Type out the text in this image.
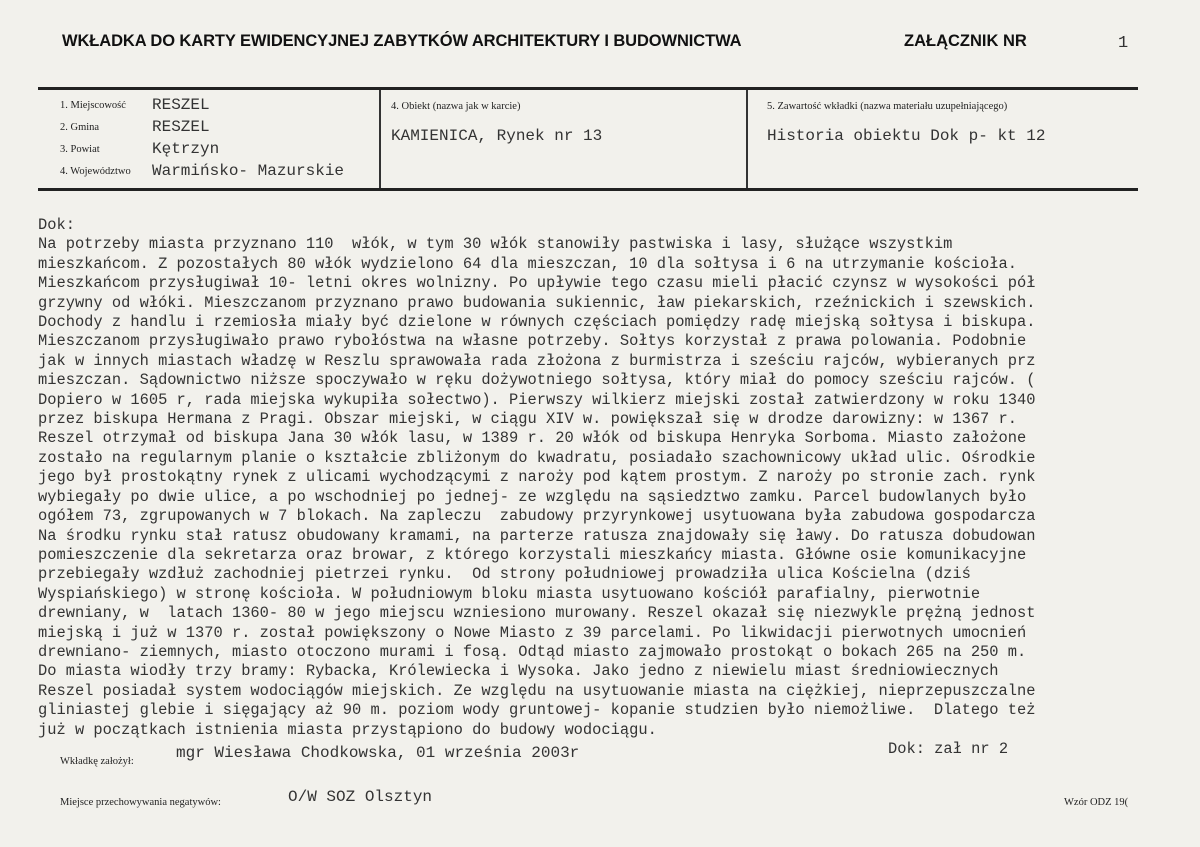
WKŁADKA DO KARTY EWIDENCYJNEJ ZABYTKÓW ARCHITEKTURY I BUDOWNICTWA	ZAŁĄCZNIK NR	1
1. Miejscowość RESZEL
2. Gmina	RESZEL
3. Powiat	Kętrzyn
4. Województwo Warmińsko- Mazurskie
4. Obiekt (nazwa jak w karcie)
KAMIENICA, Rynek nr 13
5. Zawartość wkładki (nazwa materiału uzupełniającego)
Historia obiektu Dok p- kt 12
Dok:
Na potrzeby miasta przyznano 110  włók, w tym 30 włók stanowiły pastwiska i lasy, służące wszystkim
mieszkańcom. Z pozostałych 80 włók wydzielono 64 dla mieszczan, 10 dla sołtysa i 6 na utrzymanie kościoła.
Mieszkańcom przysługiwał 10- letni okres wolnizny. Po upływie tego czasu mieli płacić czynsz w wysokości pół
grzywny od włóki. Mieszczanom przyznano prawo budowania sukiennic, ław piekarskich, rzeźnickich i szewskich.
Dochody z handlu i rzemiosła miały być dzielone w równych częściach pomiędzy radę miejską sołtysa i biskupa.
Mieszczanom przysługiwało prawo rybołóstwa na własne potrzeby. Sołtys korzystał z prawa polowania. Podobnie
jak w innych miastach władzę w Reszlu sprawowała rada złożona z burmistrza i sześciu rajców, wybieranych prz
mieszczan. Sądownictwo niższe spoczywało w ręku dożywotniego sołtysa, który miał do pomocy sześciu rajców. (
Dopiero w 1605 r, rada miejska wykupiła sołectwo). Pierwszy wilkierz miejski został zatwierdzony w roku 1340
przez biskupa Hermana z Pragi. Obszar miejski, w ciągu XIV w. powiększał się w drodze darowizny: w 1367 r.
Reszel otrzymał od biskupa Jana 30 włók lasu, w 1389 r. 20 włók od biskupa Henryka Sorboma. Miasto założone
zostało na regularnym planie o kształcie zbliżonym do kwadratu, posiadało szachownicowy układ ulic. Ośrodkie
jego był prostokątny rynek z ulicami wychodzącymi z naroży pod kątem prostym. Z naroży po stronie zach. rynk
wybiegały po dwie ulice, a po wschodniej po jednej- ze względu na sąsiedztwo zamku. Parcel budowlanych było
ogółem 73, zgrupowanych w 7 blokach. Na zapleczu  zabudowy przyrynkowej usytuowana była zabudowa gospodarcza
Na środku rynku stał ratusz obudowany kramami, na parterze ratusza znajdowały się ławy. Do ratusza dobudowan
pomieszczenie dla sekretarza oraz browar, z którego korzystali mieszkańcy miasta. Główne osie komunikacyjne
przebiegały wzdłuż zachodniej pietrzei rynku.  Od strony południowej prowadziła ulica Kościelna (dziś
Wyspiańskiego) w stronę kościoła. W południowym bloku miasta usytuowano kościół parafialny, pierwotnie
drewniany, w  latach 1360- 80 w jego miejscu wzniesiono murowany. Reszel okazał się niezwykle prężną jednost
miejską i już w 1370 r. został powiększony o Nowe Miasto z 39 parcelami. Po likwidacji pierwotnych umocnień
drewniano- ziemnych, miasto otoczono murami i fosą. Odtąd miasto zajmowało prostokąt o bokach 265 na 250 m.
Do miasta wiodły trzy bramy: Rybacka, Królewiecka i Wysoka. Jako jedno z niewielu miast średniowiecznych
Reszel posiadał system wodociągów miejskich. Ze względu na usytuowanie miasta na ciężkiej, nieprzepuszczalne
gliniastej glebie i sięgający aż 90 m. poziom wody gruntowej- kopanie studzien było niemożliwe.  Dlatego też
już w początkach istnienia miasta przystąpiono do budowy wodociągu.
Wkładkę założył:	mgr Wiesława Chodkowska, 01 września 2003r	Dok: zał nr 2
Miejsce przechowywania negatywów:	O/W SOZ Olsztyn	Wzór ODZ 19(
